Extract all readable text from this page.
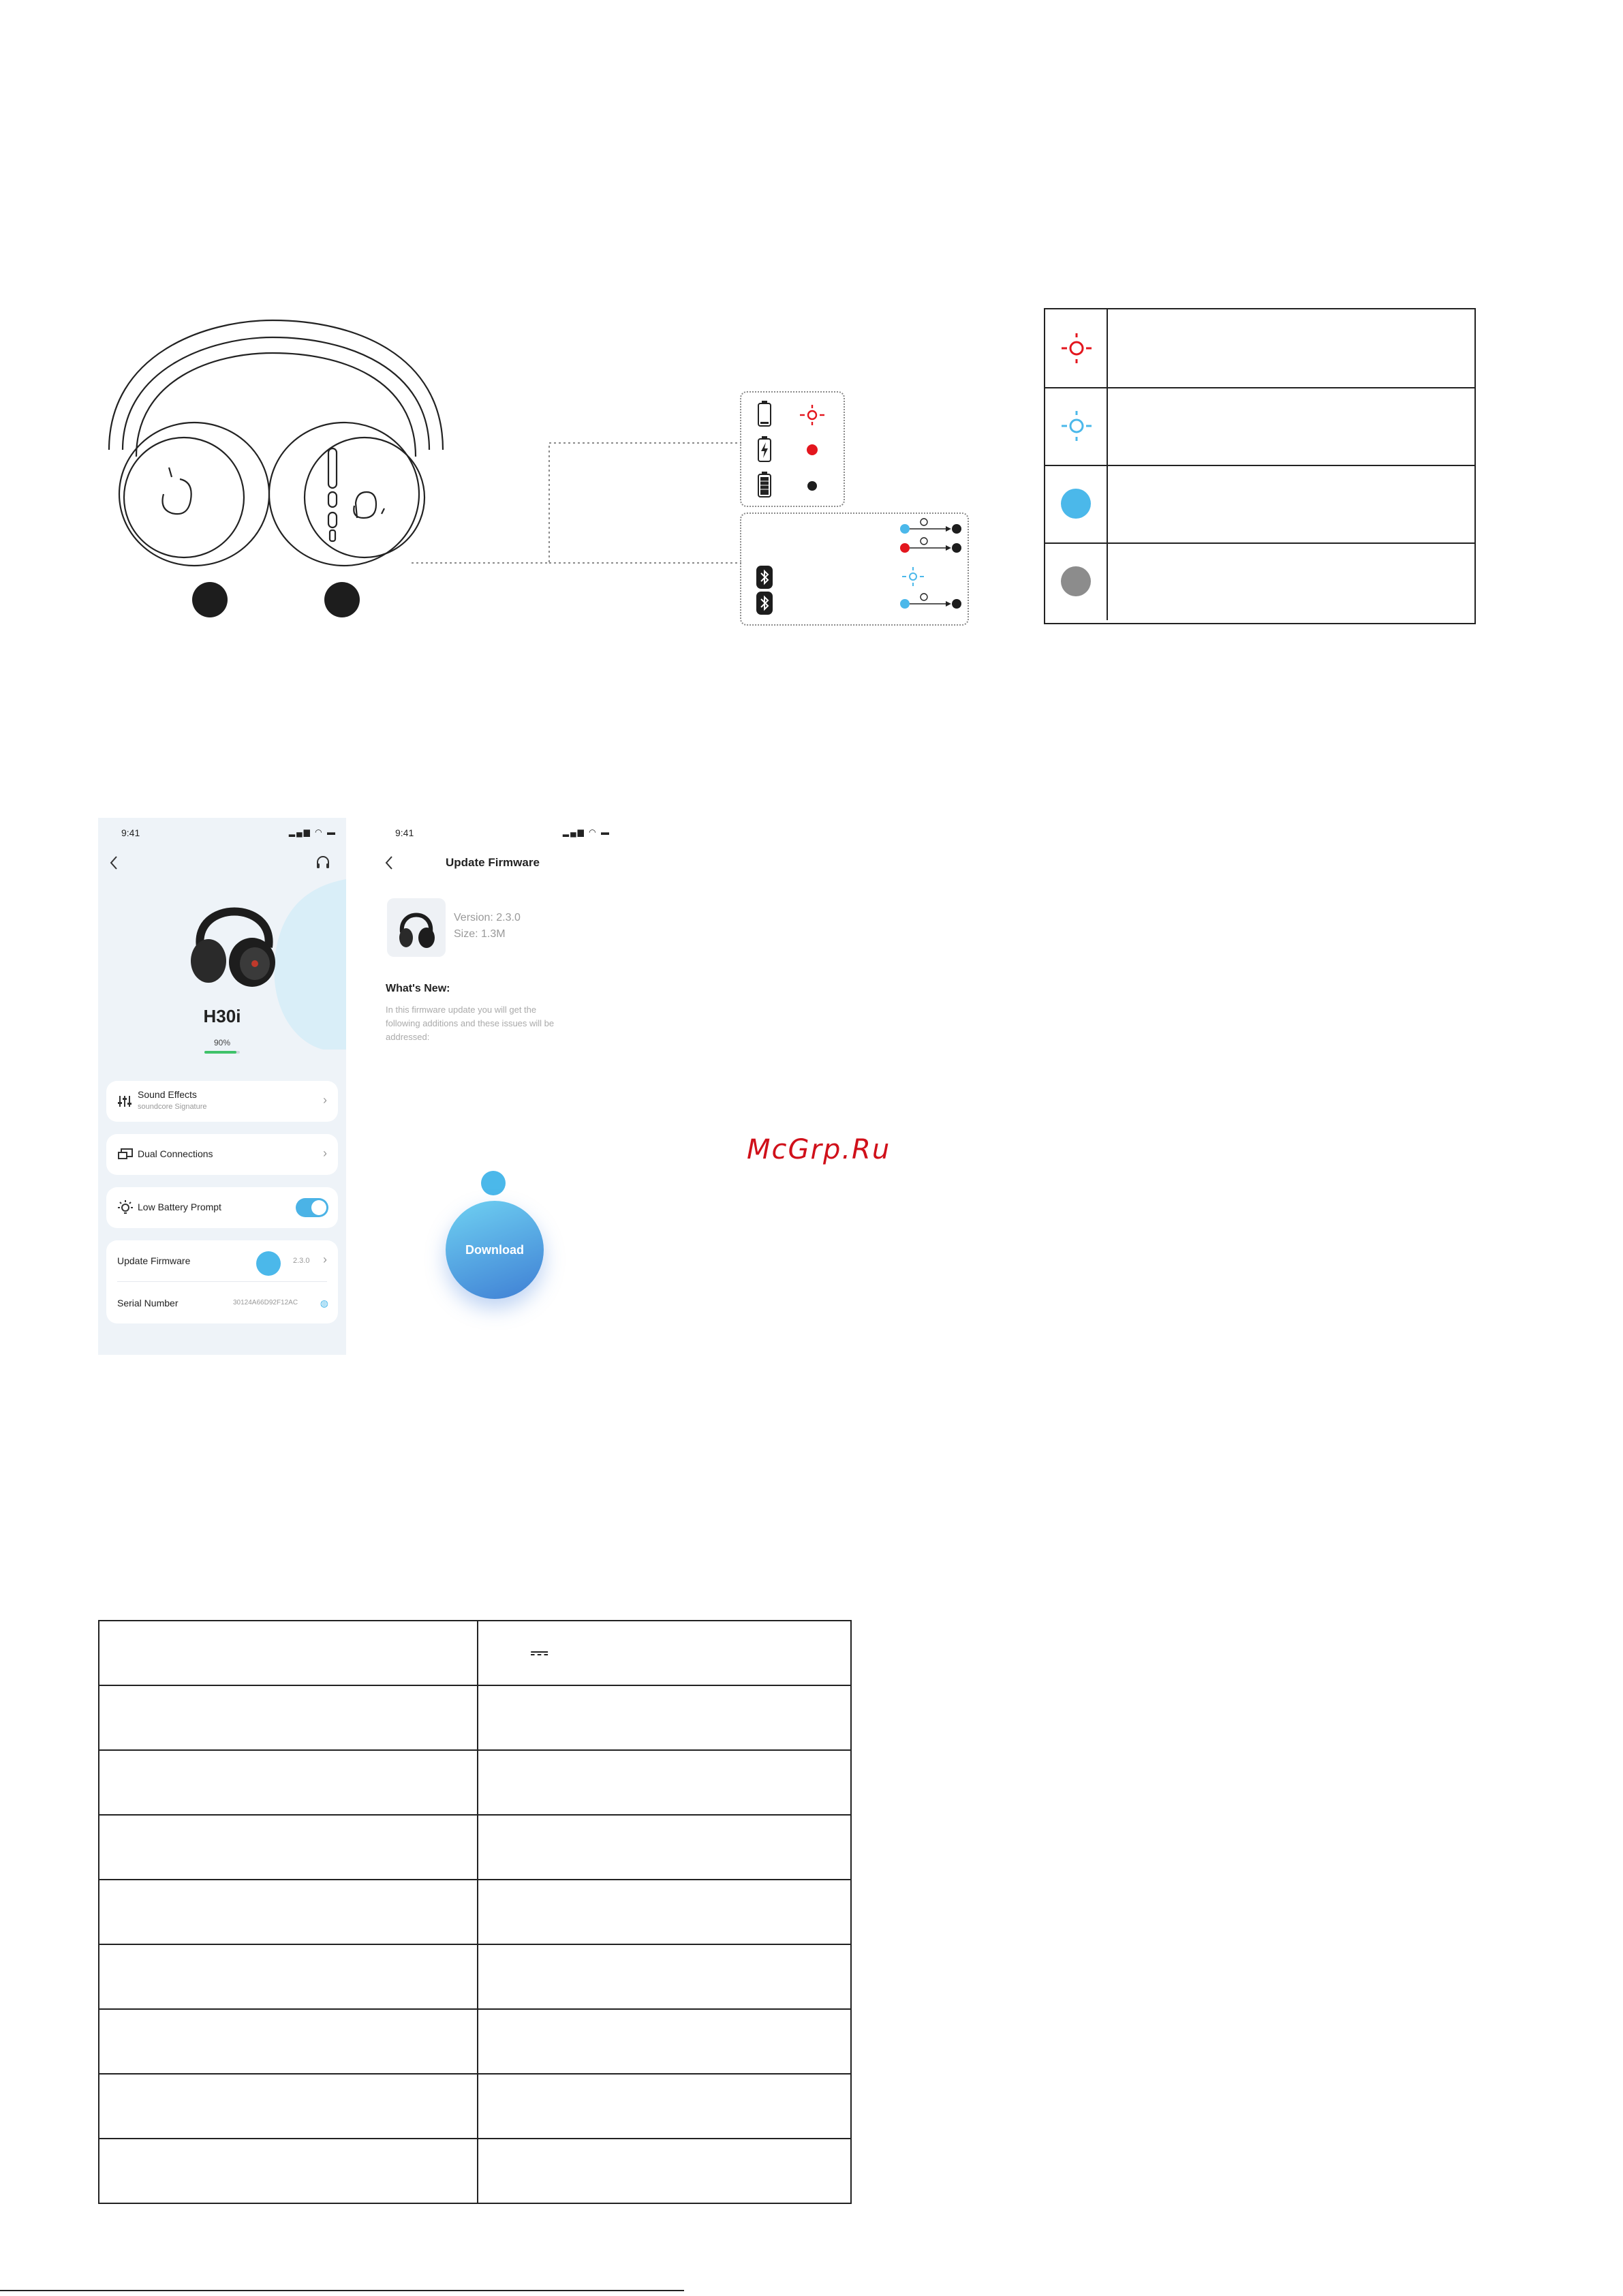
9:41	▂▄▆ ◠ ▬
H30i
90%
Sound Effects
soundcore Signature	›
Dual Connections	›
Low Battery Prompt
Update Firmware	2.3.0 ›
Serial Number	30124A66D92F12AC ◍
9:41	▂▄▆ ◠ ▬
Update Firmware
Version: 2.3.0
Size: 1.3M
What's New:
In this firmware update you will get the
following additions and these issues will be
addressed:
Download
McGrp.Ru

	⎓
